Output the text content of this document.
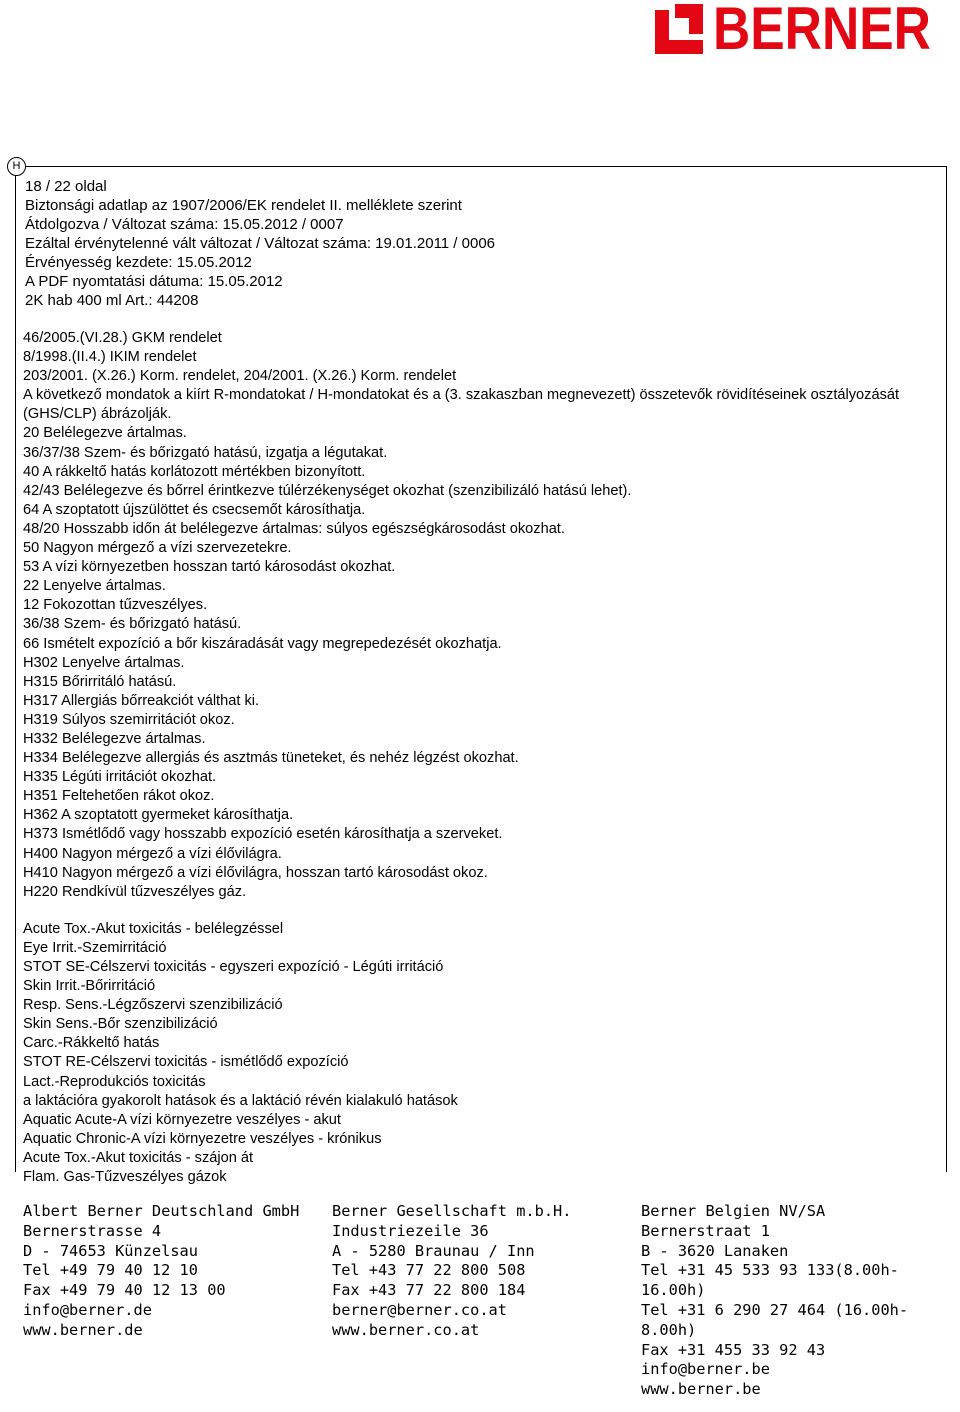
BERNER
H
18 / 22 oldal
Biztonsági adatlap az 1907/2006/EK rendelet II. melléklete szerint
Átdolgozva / Változat száma: 15.05.2012 / 0007
Ezáltal érvénytelenné vált változat / Változat száma: 19.01.2011 / 0006
Érvényesség kezdete: 15.05.2012
A PDF nyomtatási dátuma: 15.05.2012
2K hab 400 ml Art.: 44208
46/2005.(VI.28.) GKM rendelet
8/1998.(II.4.) IKIM rendelet
203/2001. (X.26.) Korm. rendelet, 204/2001. (X.26.) Korm. rendelet
A következő mondatok a kiírt R-mondatokat / H-mondatokat és a (3. szakaszban megnevezett) összetevők rövidítéseinek osztályozását (GHS/CLP) ábrázolják.
20 Belélegezve ártalmas.
36/37/38 Szem- és bőrizgató hatású, izgatja a légutakat.
40 A rákkeltő hatás korlátozott mértékben bizonyított.
42/43 Belélegezve és bőrrel érintkezve túlérzékenységet okozhat (szenzibilizáló hatású lehet).
64 A szoptatott újszülöttet és csecsemőt károsíthatja.
48/20 Hosszabb időn át belélegezve ártalmas: súlyos egészségkárosodást okozhat.
50 Nagyon mérgező a vízi szervezetekre.
53 A vízi környezetben hosszan tartó károsodást okozhat.
22 Lenyelve ártalmas.
12 Fokozottan tűzveszélyes.
36/38 Szem- és bőrizgató hatású.
66 Ismételt expozíció a bőr kiszáradását vagy megrepedezését okozhatja.
H302 Lenyelve ártalmas.
H315 Bőrirritáló hatású.
H317 Allergiás bőrreakciót válthat ki.
H319 Súlyos szemirritációt okoz.
H332 Belélegezve ártalmas.
H334 Belélegezve allergiás és asztmás tüneteket, és nehéz légzést okozhat.
H335 Légúti irritációt okozhat.
H351 Feltehetően rákot okoz.
H362 A szoptatott gyermeket károsíthatja.
H373 Ismétlődő vagy hosszabb expozíció esetén károsíthatja a szerveket.
H400 Nagyon mérgező a vízi élővilágra.
H410 Nagyon mérgező a vízi élővilágra, hosszan tartó károsodást okoz.
H220 Rendkívül tűzveszélyes gáz.
Acute Tox.-Akut toxicitás - belélegzéssel
Eye Irrit.-Szemirritáció
STOT SE-Célszervi toxicitás - egyszeri expozíció - Légúti irritáció
Skin Irrit.-Bőrirritáció
Resp. Sens.-Légzőszervi szenzibilizáció
Skin Sens.-Bőr szenzibilizáció
Carc.-Rákkeltő hatás
STOT RE-Célszervi toxicitás - ismétlődő expozíció
Lact.-Reprodukciós toxicitás
a laktációra gyakorolt hatások és a laktáció révén kialakuló hatások
Aquatic Acute-A vízi környezetre veszélyes - akut
Aquatic Chronic-A vízi környezetre veszélyes - krónikus
Acute Tox.-Akut toxicitás - szájon át
Flam. Gas-Tűzveszélyes gázok
Albert Berner Deutschland GmbH
Bernerstrasse 4
D - 74653 Künzelsau
Tel +49 79 40 12 10
Fax +49 79 40 12 13 00
info@berner.de
www.berner.de
Berner Gesellschaft m.b.H.
Industriezeile 36
A - 5280 Braunau / Inn
Tel +43 77 22 800 508
Fax +43 77 22 800 184
berner@berner.co.at
www.berner.co.at
Berner Belgien NV/SA
Bernerstraat 1
B - 3620 Lanaken
Tel +31 45 533 93 133(8.00h-16.00h)
Tel +31 6 290 27 464 (16.00h-8.00h)
Fax +31 455 33 92 43
info@berner.be
www.berner.be
